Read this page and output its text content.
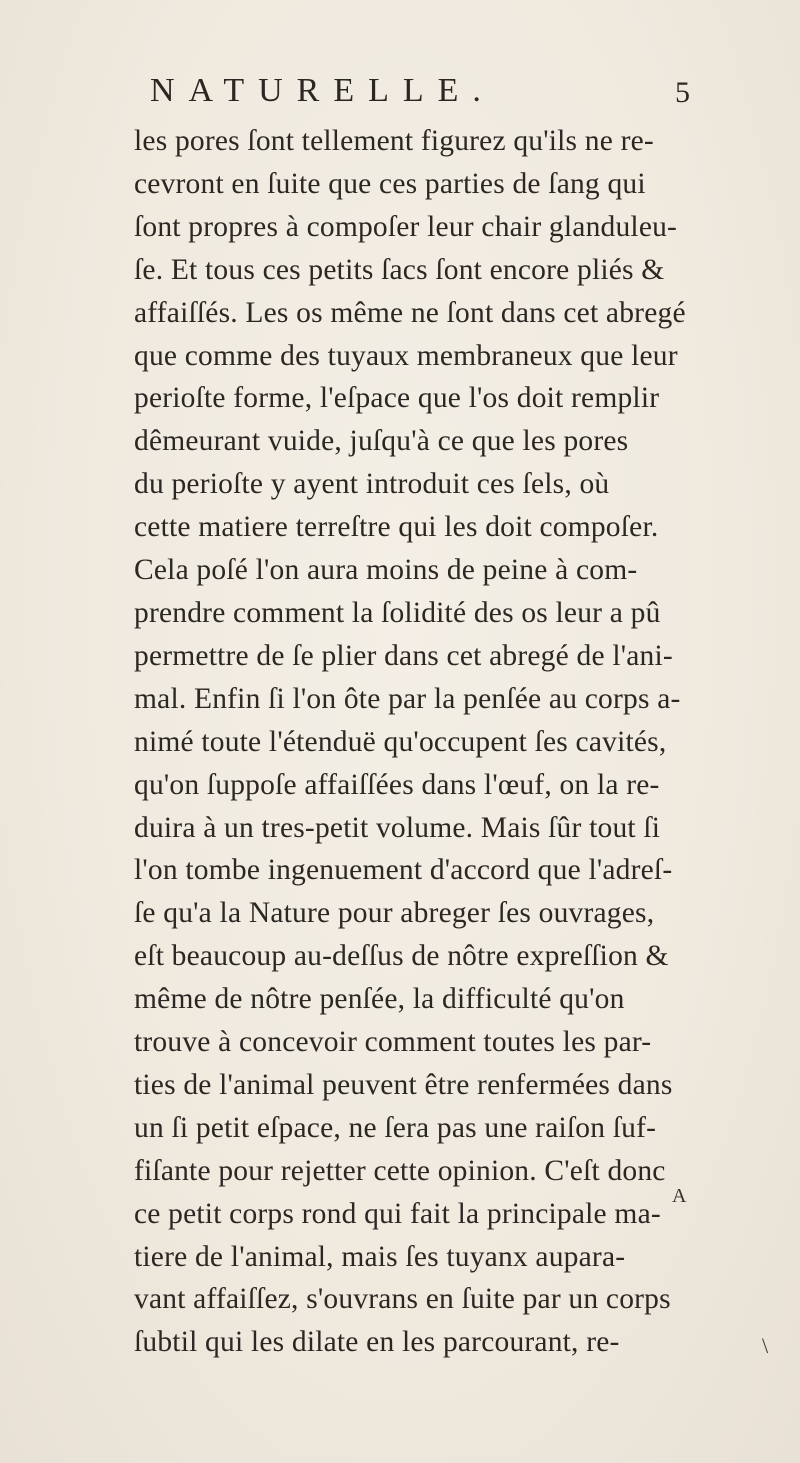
NATURELLE.	5
les pores ſont tellement figurez qu'ils ne re-
cevront en ſuite que ces parties de ſang qui
ſont propres à compoſer leur chair glanduleu-
ſe. Et tous ces petits ſacs ſont encore pliés &
affaiſſés. Les os même ne ſont dans cet abregé
que comme des tuyaux membraneux que leur
perioſte forme, l'eſpace que l'os doit remplir
dêmeurant vuide, juſqu'à ce que les pores
du perioſte y ayent introduit ces ſels, où
cette matiere terreſtre qui les doit compoſer.
Cela poſé l'on aura moins de peine à com-
prendre comment la ſolidité des os leur a pû
permettre de ſe plier dans cet abregé de l'ani-
mal. Enfin ſi l'on ôte par la penſée au corps a-
nimé toute l'étenduë qu'occupent ſes cavités,
qu'on ſuppoſe affaiſſées dans l'œuf, on la re-
duira à un tres-petit volume. Mais ſûr tout ſi
l'on tombe ingenuement d'accord que l'adreſ-
ſe qu'a la Nature pour abreger ſes ouvrages,
eſt beaucoup au-deſſus de nôtre expreſſion &
même de nôtre penſée, la difficulté qu'on
trouve à concevoir comment toutes les par-
ties de l'animal peuvent être renfermées dans
un ſi petit eſpace, ne ſera pas une raiſon ſuf-
fiſante pour rejetter cette opinion. C'eſt donc
ce petit corps rond qui fait la principale ma-
tiere de l'animal, mais ſes tuyanx aupara-
vant affaiſſez, s'ouvrans en ſuite par un corps
ſubtil qui les dilate en les parcourant, re-
A
\
